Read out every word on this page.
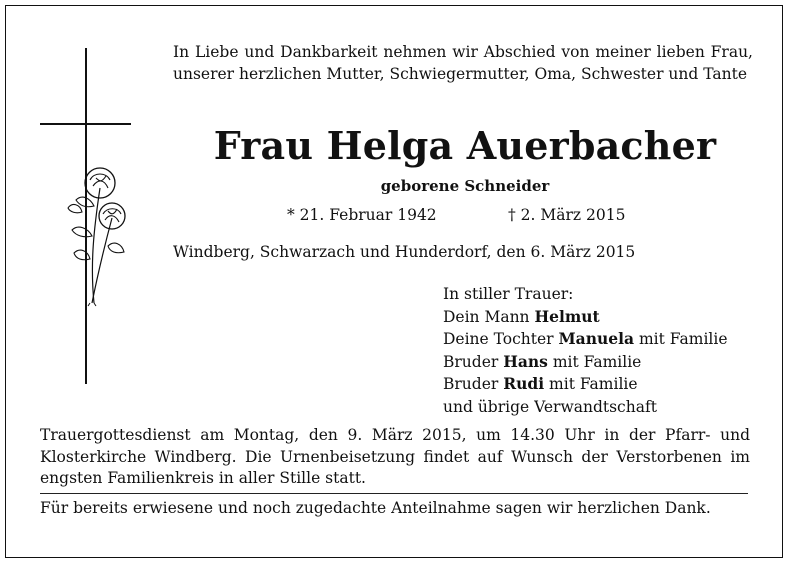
In Liebe und Dankbarkeit nehmen wir Abschied von meiner lieben Frau, unserer herzlichen Mutter, Schwiegermutter, Oma, Schwester und Tante

Frau Helga Auerbacher
geborene Schneider
* 21. Februar 1942	† 2. März 2015
Windberg, Schwarzach und Hunderdorf, den 6. März 2015
In stiller Trauer:
Dein Mann Helmut
Deine Tochter Manuela mit Familie
Bruder Hans mit Familie
Bruder Rudi mit Familie
und übrige Verwandtschaft

Trauergottesdienst am Montag, den 9. März 2015, um 14.30 Uhr in der Pfarr- und Klosterkirche Windberg. Die Urnenbeisetzung findet auf Wunsch der Verstorbenen im engsten Familienkreis in aller Stille statt.

Für bereits erwiesene und noch zugedachte Anteilnahme sagen wir herzlichen Dank.
